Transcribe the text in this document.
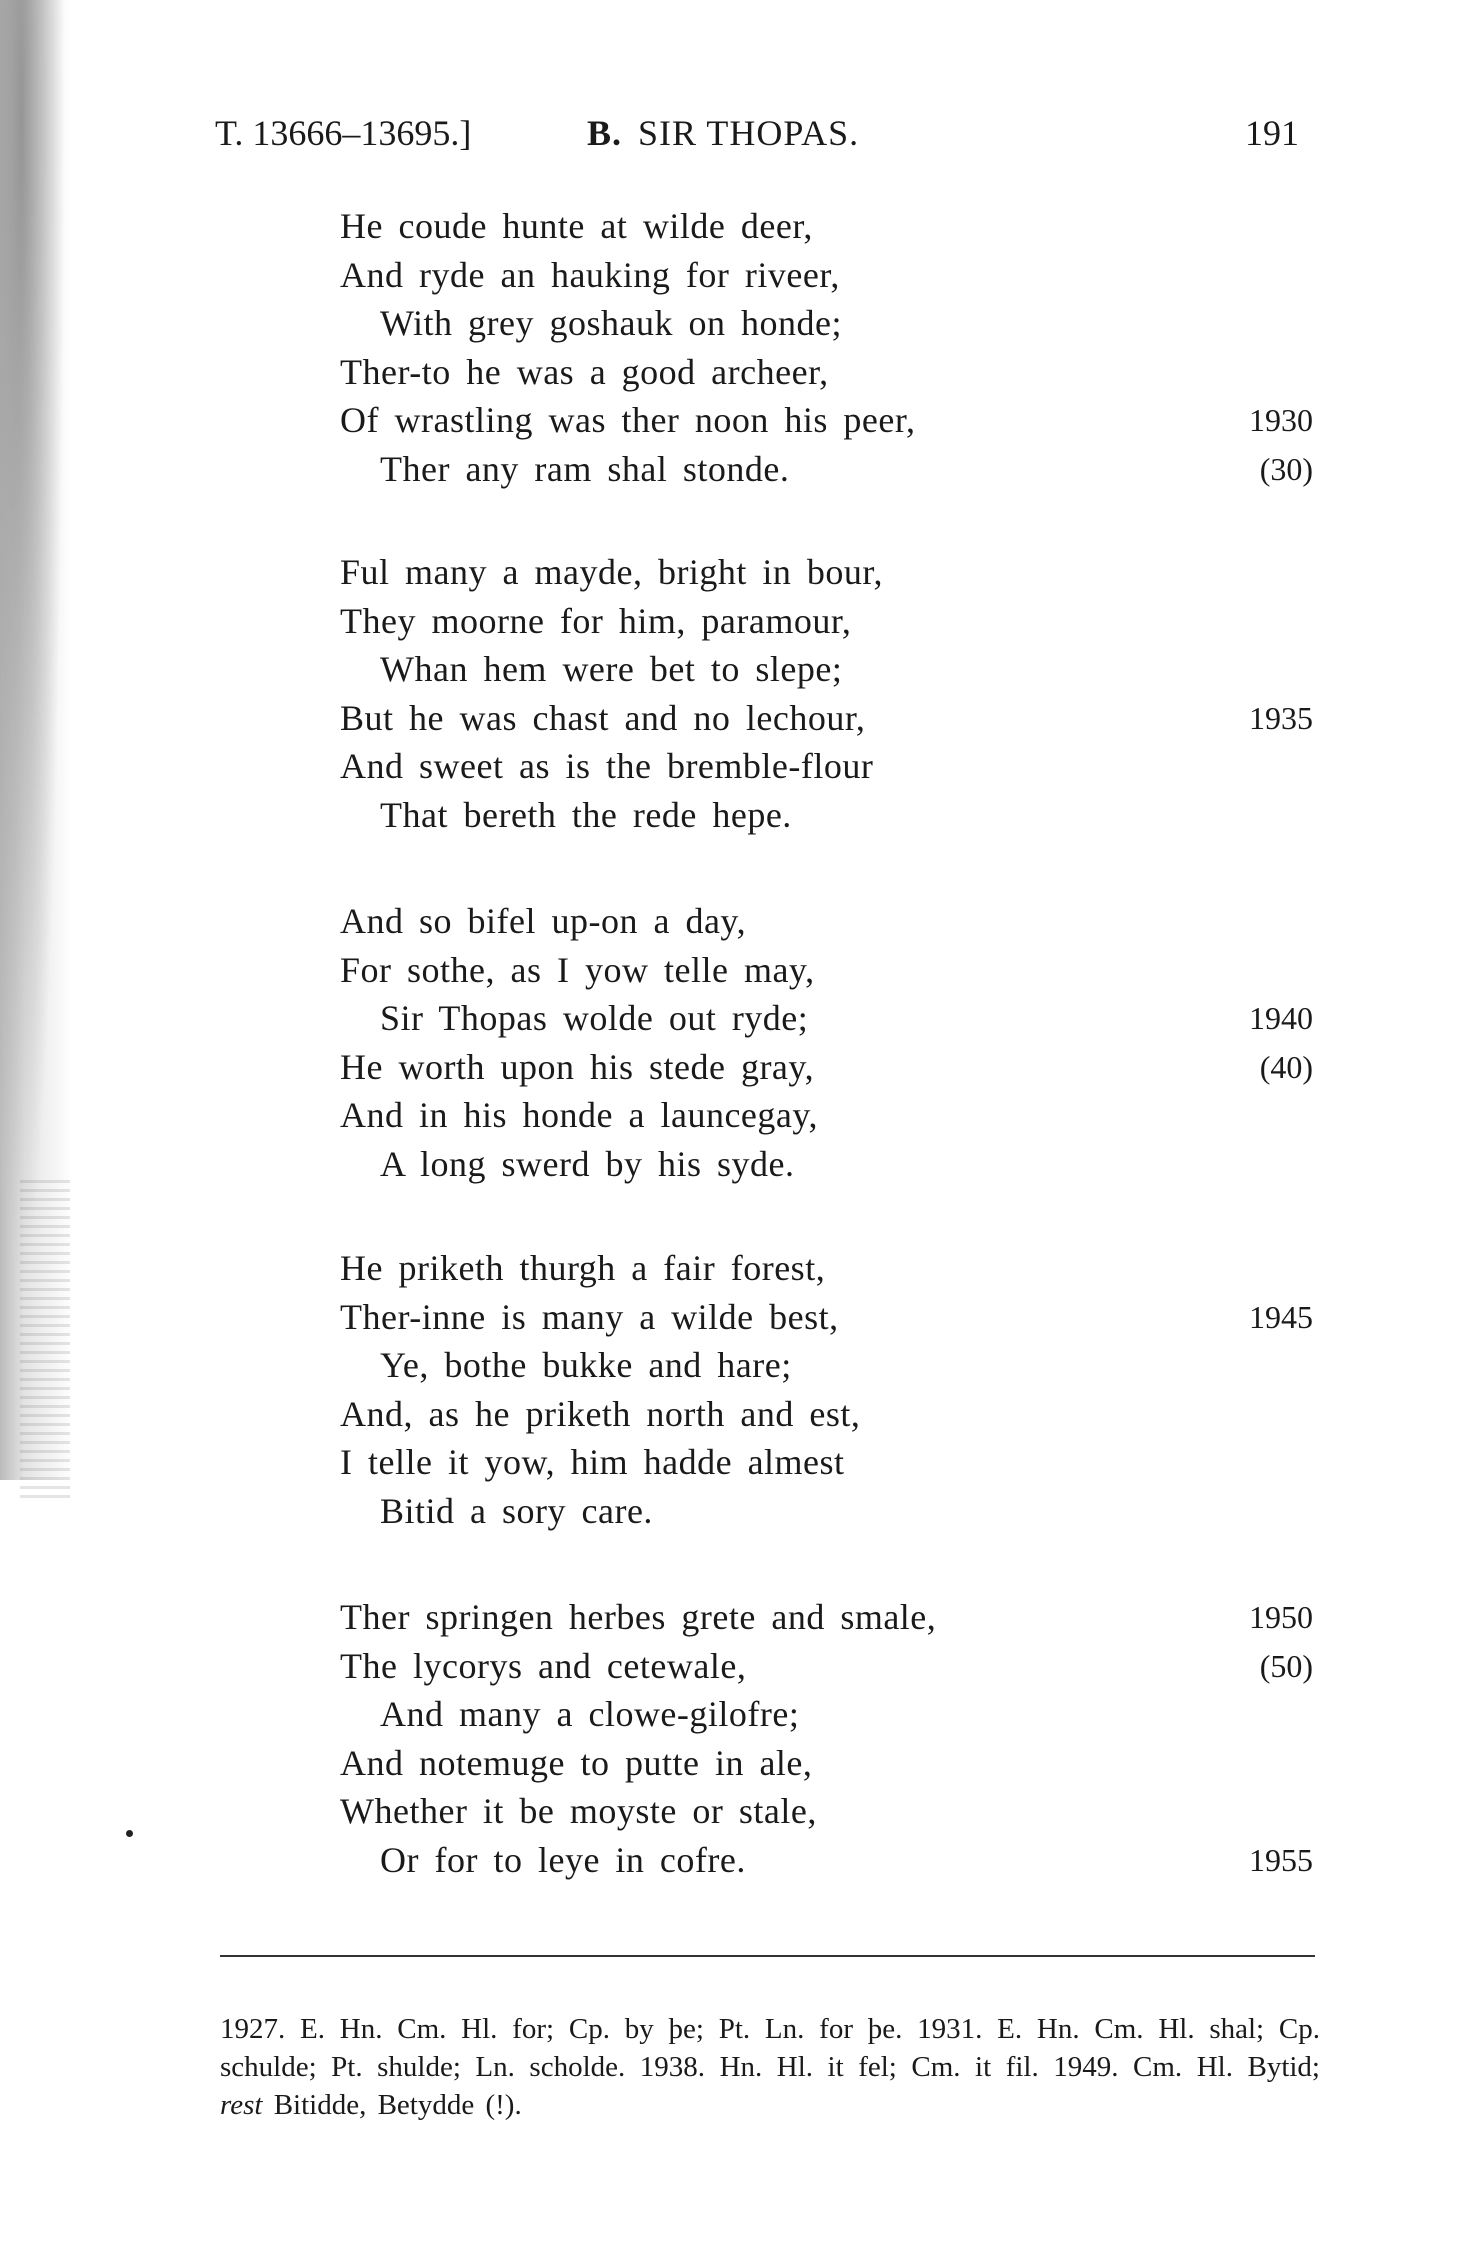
T. 13666–13695.]	B. SIR THOPAS.	191
He coude hunte at wilde deer,
And ryde an hauking for riveer,
With grey goshauk on honde;
Ther-to he was a good archeer,
Of wrastling was ther noon his peer,	1930
Ther any ram shal stonde.	(30)
Ful many a mayde, bright in bour,
They moorne for him, paramour,
Whan hem were bet to slepe;
But he was chast and no lechour,	1935
And sweet as is the bremble-flour
That bereth the rede hepe.
And so bifel up-on a day,
For sothe, as I yow telle may,
Sir Thopas wolde out ryde;	1940
He worth upon his stede gray,	(40)
And in his honde a launcegay,
A long swerd by his syde.
He priketh thurgh a fair forest,
Ther-inne is many a wilde best,	1945
Ye, bothe bukke and hare;
And, as he priketh north and est,
I telle it yow, him hadde almest
Bitid a sory care.
Ther springen herbes grete and smale,	1950
The lycorys and cetewale,	(50)
And many a clowe-gilofre;
And notemuge to putte in ale,
Whether it be moyste or stale,
Or for to leye in cofre.	1955
1927. E. Hn. Cm. Hl. for; Cp. by þe; Pt. Ln. for þe. 1931. E. Hn. Cm. Hl. shal; Cp. schulde; Pt. shulde; Ln. scholde. 1938. Hn. Hl. it fel; Cm. it fil. 1949. Cm. Hl. Bytid; rest Bitidde, Betydde (!).
